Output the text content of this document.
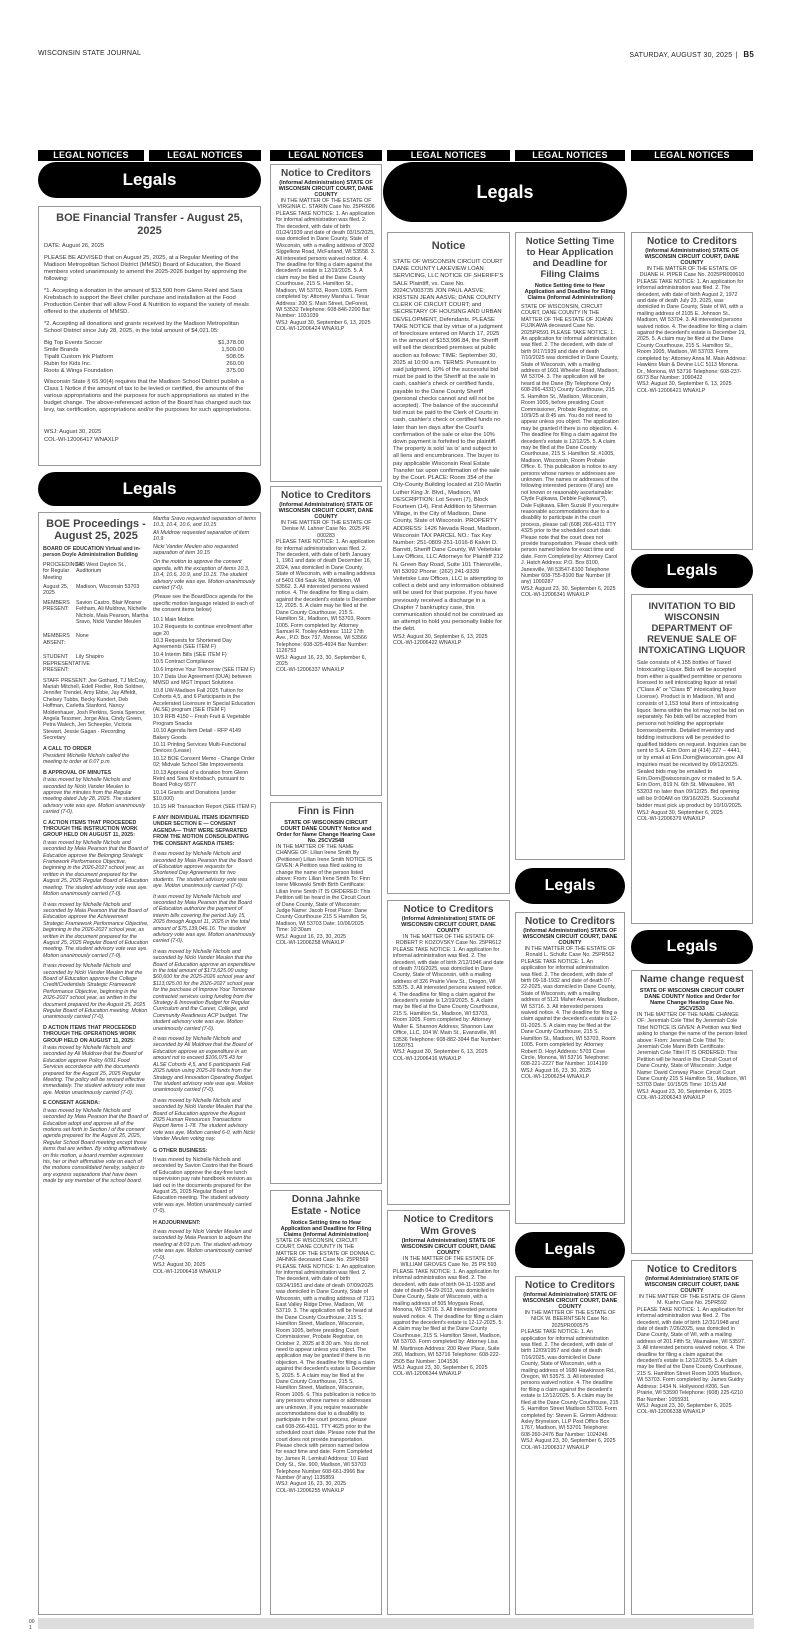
WISCONSIN STATE JOURNAL	SATURDAY, AUGUST 30, 2025 | B5
LEGAL NOTICES	LEGAL NOTICES
Legals
BOE Financial Transfer - August 25, 2025

DATE: August 26, 2025

PLEASE BE ADVISED that on August 25, 2025, at a Regular Meeting of the Madison Metropolitan School District (MMSD) Board of Education, the Board members voted unanimously to amend the 2025-2026 budget by approving the following:

*1. Accepting a donation in the amount of $13,500 from Glenn Reinl and Sara Krebsbach to support the Beet chiller purchase and installation at the Food Production Center that will allow Food & Nutrition to expand the variety of meals offered to the students of MMSD.

*2. Accepting all donations and grants received by the Madison Metropolitan School District since July 28, 2025, in the total amount of $4,021.05:

Big Top Events Soccer	$1,378.00
Smile Brands	1,500.00
Tipalti Custom Ink Platform	508.05
Rubin for Kids Inc.	260.00
Roots & Wings Foundation	375.00

Wisconsin State § 65.90(4) requires that the Madison School District publish a Class 1 Notice if the amount of tax to be levied or certified, the amounts of the various appropriations and the purposes for such appropriations as stated in the budget change. The above-referenced action of the Board has changed such tax levy, tax certification, appropriations and/or the purposes for such appropriations.

WSJ: August 30, 2025

COL-WI-12006417 WNAXLP

Legals
BOE Proceedings - August 25, 2025

BOARD OF EDUCATION Virtual and in-person Doyle Administration Building

PROCEEDINGS for Regular Meeting
545 West Dayton St., Auditorium
August 25, 2025
Madison, Wisconsin 53703
MEMBERS PRESENT:
Savion Castro, Blair Mosner Feltham, Ali Muldrow, Nichelle Nichols, Maia Pearson, Martha Sravo, Nicki Vander Meulen
MEMBERS ABSENT:
None
STUDENT REPRESENTATIVE PRESENT:
Lily Shapiro

STAFF PRESENT: Joe Gothard, TJ McCray, Mariah Mitchell, Edell Fiedler, Rob Soldner, Jennifer Trendel, Amy Ebbe, Jay Affeldt, Chelsey Tubbs, Becky Kundert, Deb Hoffman, Carletta Stanford, Nancy Moldenhauer, Josh Perkins, Sonia Spencer, Angela Tessmer, Jorge Alva, Cindy Green, Petra Walech, Jen Scheepke, Victoria Stewart, Jessie Gagan - Recording Secretary

A CALL TO ORDER

President Michelle Nichols called the meeting to order at 6:07 p.m.

B APPROVAL OF MINUTES

It was moved by Nichelle Nichols and seconded by Nicki Vander Meulen to approve the minutes from the Regular meeting dated July 28, 2025. The student advisory vote was aye. Motion unanimously carried (7-0).

C ACTION ITEMS THAT PROCEEDED THROUGH THE INSTRUCTION WORK GROUP HELD ON AUGUST 11, 2025:

It was moved by Nichelle Nichols and seconded by Maia Pearson that the Board of Education approve the Belonging Strategic Framework Performance Objective, beginning in the 2026-2027 school year, as written in the document prepared for the August 25, 2025 Regular Board of Education meeting. The student advisory vote was aye. Motion unanimously carried (7-0).

It was moved by Nichelle Nichols and seconded by Maia Pearson that the Board of Education approve the Achievement Strategic Framework Performance Objective, beginning in the 2026-2027 school year, as written in the document prepared for the August 25, 2025 Regular Board of Education meeting. The student advisory vote was aye. Motion unanimously carried (7-0).

It was moved by Nichelle Nichols and seconded by Nicki Vander Meulen that the Board of Education approve the College Credit/Credentials Strategic Framework Performance Objective, beginning in the 2026-2027 school year, as written in the document prepared for the August 25, 2025 Regular Board of Education meeting. Motion unanimously carried (7-0).

D ACTION ITEMS THAT PROCEEDED THROUGH THE OPERATIONS WORK GROUP HELD ON AUGUST 11, 2025:

It was moved by Nichelle Nichols and seconded by Ali Muldrow that the Board of Education approve Policy 6091 Food Services accordance with the documents prepared for the August 25, 2025 Regular Meeting. The policy will be revised effective immediately. The student advisory vote was aye. Motion unanimously carried (7-0).

E CONSENT AGENDA:

It was moved by Nichelle Nichols and seconded by Maia Pearson that the Board of Education adopt and approve all of the motions set forth in Section I of the consent agenda prepared for the August 25, 2025, Regular School Board meeting except those items that are written. By voting affirmatively on this motion, a board member expresses his, her or their affirmative vote on each of the motions consolidated hereby, subject to any express separations that have been made by any member of the school board.

Martha Sravo requested separation of items 10.3, 10.4, 10.6, and 10.15

Ali Muldrow requested separation of item 10.9

Nicki Vander Meulen also requested separation of item 10.15

On the motion to approve the consent agenda, with the exception of items 10.3, 10.4, 10.6, 10.9, and 10.15. The student advisory vote was aye. Motion unanimously carried (7-0).

(Please see the BoardDocs agenda for the specific motion language related to each of the consent items below)

10.1 Main Motion

10.2 Requests to continue enrollment after age 20

10.3 Requests for Shortened Day Agreements (SEE ITEM F)

10.4 Interim Bills (SEE ITEM F)

10.5 Contract Compliance

10.6 Improve Your Tomorrow (SEE ITEM F)

10.7 Data Use Agreement (DUA) between MMSD and MGT Impact Solutions

10.8 UW-Madison Fall 2025 Tuition for Cohorts 4,5, and 6 Participants in the Accelerated Licensure in Special Education (ALSE) program (SEE ITEM F)

10.9 RFB 4150 – Fresh Fruit & Vegetable Program Snacks

10.10 Agenda Item Detail - RFP 4149 Bakery Goods

10.11 Printing Services Multi-Functional Devices (Lease)

10.12 BOE Consent Memo - Change Order 02; Midvale School Site Improvements

10.13 Approval of a donation from Glenn Reinl and Sara Krebsbach, pursuant to Board Policy 6577

10.14 Grants and Donations (under $10,000)

10.15 HR Transaction Report (SEE ITEM F)

F ANY INDIVIDUAL ITEMS IDENTIFIED UNDER SECTION E — CONSENT AGENDA— THAT WERE SEPARATED FROM THE MOTION CONSOLIDATING THE CONSENT AGENDA ITEMS:

It was moved by Nichelle Nichols and seconded by Maia Pearson that the Board of Education approve requests for Shortened Day Agreements for two students. The student advisory vote was aye. Motion unanimously carried (7-0).

It was moved by Nichelle Nichols and seconded by Maia Pearson that the Board of Education authorize the payment of interim bills covering the period July 15, 2025 through August 11, 2025 in the total amount of $75,139,046.16. The student advisory vote was aye. Motion unanimously carried (7-0).

It was moved by Nichelle Nichols and seconded by Nicki Vander Meulen that the Board of Education approve an expenditure in the total amount of $173,625.00 using $60,600 for the 2025-2026 school year and $113,025.00 for the 2026-2027 school year for the purchase of Improve Your Tomorrow contracted services using funding from the Strategy & Innovation Budget for Regular Curriculum and the Career, College, and Community Readiness ACP budget. The student advisory vote was aye. Motion unanimously carried (7-0).

It was moved by Nichelle Nichols and seconded by Ali Muldrow that the Board of Education approve an expenditure in an amount not to exceed $106,075.43 for ALSE Cohorts 4,5, and 6 participants Fall 2025 tuition using 2025-26 funds from the Strategy and Innovation Operating Budget. The student advisory vote was aye. Motion unanimously carried (7-0).

It was moved by Nichelle Nichols and seconded by Nicki Vander Meulen that the Board of Education approve the August 2025 Human Resources Transactions Report Items 1-78. The student advisory vote was aye. Motion carried 6-0, with Nicki Vander Meulen voting nay.

G OTHER BUSINESS:

It was moved by Nichelle Nichols and seconded by Savion Castro that the Board of Education approve the day-free lunch supervision pay rate handbook revision as laid out in the documents prepared for the August 25, 2025 Regular Board of Education meeting. The student advisory vote was aye. Motion unanimously carried (7-0).

H ADJOURNMENT:

It was moved by Nicki Vander Meulen and seconded by Maia Pearson to adjourn the meeting at 8:03 p.m. The student advisory vote was aye. Motion unanimously carried (7-0).

WSJ: August 30, 2025

COL-WI-12006418 WNAXLP

LEGAL NOTICES
Notice to Creditors
(Informal Administration) STATE OF WISCONSIN CIRCUIT COURT, DANE COUNTY
IN THE MATTER OF THE ESTATE OF VIRGINIA C. STARIN Case No. 25PR606
PLEASE TAKE NOTICE: 1. An application for informal administration was filed. 2. The decedent, with date of birth 01/24/1939 and date of death 03/15/2025, was domiciled in Dane County, State of Wisconsin, with a mailing address of 3032 Siggelkow Road, McFarland, WI 53558. 3. All interested persons waived notice. 4. The deadline for filing a claim against the decedent's estate is 12/19/2025. 5. A claim may be filed at the Dane County Courthouse, 215 S. Hamilton St., Madison, WI 53703, Room 1005. Form completed by: Attorney Marsha L. Tesar Address: 200 S. Main Street, DeForest, WI 53532 Telephone: 608-846-2200 Bar Number: 1031039
WSJ: August 30, September 6, 13, 2025
COL-WI-12006424 WNAXLP
Notice to Creditors
(Informal Administration) STATE OF WISCONSIN CIRCUIT COURT, DANE COUNTY
IN THE MATTER OF THE ESTATE OF Denise M. Lahner Case No. 2025 PR 000283
PLEASE TAKE NOTICE: 1. An application for informal administration was filed. 2. The decedent, with date of birth January 1, 1961 and date of death December 16, 2024, was domiciled in Dane County, State of Wisconsin, with a mailing address of 5401 Old Sauk Rd, Middleton, WI 53562. 3. All interested persons waived notice. 4. The deadline for filing a claim against the decedent's estate is December 12, 2025. 5. A claim may be filed at the Dane County Courthouse, 215 S. Hamilton St., Madison, WI 53703, Room 1005. Form completed by: Attorney Samuel R. Tooley Address: 1112 17th Ave., P.O. Box 737, Monroe, WI 53566 Telephone: 608-325-4924 Bar Number: 1126753
WSJ: August 16, 23, 30, September 6, 2025
COL-WI-12006337 WNAXLP
Finn is Finn
STATE OF WISCONSIN CIRCUIT COURT DANE COUNTY Notice and Order for Name Change Hearing Case No. 25CV2548
IN THE MATTER OF THE NAME CHANGE OF: Lilian Irene Smith By (Petitioner) Lilian Irene Smith NOTICE IS GIVEN: A Petition was filed asking to change the name of the person listed above: From: Lilian Irene Smith To: Finn Irene Mikowski Smith Birth Certificate: Lilian Irene Smith IT IS ORDERED: This Petition will be heard in the Circuit Court of Dane County, State of Wisconsin: Judge Name: Jacob Frost Place: Dane County Courthouse 215 S Hamilton St, Madison, WI 53703 Date: 10/06/2025 Time: 10:30am
WSJ: August 16, 23, 30, 2025
COL-WI-12006258 WNAXLP
Donna Jahnke Estate - Notice
Notice Setting time to Hear Application and Deadline for Filing Claims (Informal Administration)
STATE OF WISCONSIN, CIRCUIT COURT, DANE COUNTY IN THE MATTER OF THE ESTATE OF DONNA C. JAHNKE deceased Case No. 25PR569 PLEASE TAKE NOTICE: 1. An application for informal administration was filed. 2. The decedent, with date of birth 03/24/1951 and date of death 07/09/2025 was domiciled in Dane County, State of Wisconsin, with a mailing address of 7121 East Valley Ridge Drive, Madison, WI 53719. 3. The application will be heard at the Dane County Courthouse, 215 S. Hamilton Street, Madison, Wisconsin, Room 1005, before presiding Court Commissioner, Probate Registrar, on October 2, 2025 at 8:30 am. You do not need to appear unless you object. The application may be granted if there is no objection. 4. The deadline for filing a claim against the decedent's estate is December 5, 2025. 5. A claim may be filed at the Dane County Courthouse, 215 S. Hamilton Street, Madison, Wisconsin, Room 1005. 6. This publication is notice to any persons whose names or addresses are unknown. If you require reasonable accommodations due to a disability to participate in the court process, please call 608-266-4311. TTY 4625 prior to the scheduled court date. Please note that the court does not provide transportation. Please check with person named below for exact time and date. Form Completed by: James R. Lemkuil Address: 10 East Doty St., Ste. 900, Madison, WI 53703 Telephone Number 608-661-3966 Bar Number (if any) 1135859
WSJ: August 16, 23, 30, 2025
COL-WI-12006255 WNAXLP
LEGAL NOTICES
Legals
Notice
STATE OF WISCONSIN CIRCUIT COURT DANE COUNTY LAKEVIEW LOAN SERVICING, LLC NOTICE OF SHERIFF'S SALE Plaintiff, vs. Case No. 2024CV003735 JON PAUL AASVE; KRISTEN JEAN AASVE; DANE COUNTY CLERK OF CIRCUIT COURT; and SECRETARY OF HOUSING AND URBAN DEVELOPMENT, Defendants. PLEASE TAKE NOTICE that by virtue of a judgment of foreclosure entered on March 17, 2025 in the amount of $153,996.84, the Sheriff will sell the described premises at public auction as follows: TIME: September 30, 2025 at 10:00 a.m. TERMS: Pursuant to said judgment, 10% of the successful bid must be paid to the Sheriff at the sale in cash, cashier's check or certified funds, payable to the Dane County Sheriff (personal checks cannot and will not be accepted). The balance of the successful bid must be paid to the Clerk of Courts in cash, cashier's check or certified funds no later than ten days after the Court's confirmation of the sale or else the 10% down payment is forfeited to the plaintiff. The property is sold 'as is' and subject to all liens and encumbrances. The buyer to pay applicable Wisconsin Real Estate Transfer tax upon confirmation of the sale by the Court. PLACE: Room 354 of the City-County Building located at 210 Martin Luther King Jr. Blvd., Madison, WI DESCRIPTION: Lot Seven (7), Block Fourteen (14), First Addition to Sherman Village, in the City of Madison, Dane County, State of Wisconsin. PROPERTY ADDRESS: 1426 Nevada Road, Madison, Wisconsin TAX PARCEL NO.: Tax Key Number: 251-0809-251-1016-8 Kalvin D. Barrett, Sheriff Dane County, WI Veitetske Law Offices, LLC Attorneys for Plaintiff 212 N. Green Bay Road, Suite 101 Thiensville, WI 53092 Phone: (262) 241-9339 Veitetske Law Offices, LLC is attempting to collect a debt and any information obtained will be used for that purpose. If you have previously received a discharge in a Chapter 7 bankruptcy case, this communication should not be construed as an attempt to hold you personally liable for the debt.
WSJ: August 30, September 6, 13, 2025
COL-WI-12006422 WNAXLP
Notice to Creditors
(Informal Administration) STATE OF WISCONSIN CIRCUIT COURT, DANE COUNTY
IN THE MATTER OF THE ESTATE OF ROBERT P. KOZOVSKY Case No. 25PR612
PLEASE TAKE NOTICE: 1. An application for informal administration was filed. 2. The decedent, with date of birth 2/12/1946 and date of death 7/16/2025, was domiciled in Dane County, State of Wisconsin, with a mailing address of 326 Prairie View St., Oregon, WI 53575. 3. All interested persons waived notice. 4. The deadline for filing a claim against the decedent's estate is 12/19/2025. 5. A claim may be filed at the Dane County Courthouse, 215 S. Hamilton St., Madison, WI 53703, Room 1005. Form completed by: Attorney Walter E. Shannon Address: Shannon Law Office, LLC, 104 W. Main St., Evansville, WI 53536 Telephone: 608-882-3944 Bar Number: 1050751
WSJ: August 30, September 6, 13, 2025
COL-WI-12006416 WNAXLP
Notice to Creditors Wm Groves
(Informal Administration) STATE OF WISCONSIN CIRCUIT COURT, DANE COUNTY
IN THE MATTER OF THE ESTATE OF WILLIAM GROVES Case No. 25 PR 593
PLEASE TAKE NOTICE: 1. An application for informal administration was filed. 2. The decedent, with date of birth 04-11-1938 and date of death 04-29-2013, was domiciled in Dane County, State of Wisconsin, with a mailing address of 505 Moygara Road, Monona, WI 53716. 3. All interested persons waived notice. 4. The deadline for filing a claim against the decedent's estate is 12-12-2025. 5. A claim may be filed at the Dane County Courthouse, 215 S. Hamilton Street, Madison, WI 53703. Form completed by: Attorney Lisa M. Martinson Address: 200 River Place, Suite 260, Madison, WI 53716 Telephone: 608-222-2505 Bar Number: 1041536
WSJ: August 23, 30, September 6, 2025
COL-WI-12006344 WNAXLP
LEGAL NOTICES
Notice Setting Time to Hear Application and Deadline for Filing Claims
Notice Setting time to Hear Application and Deadline for Filing Claims (Informal Administration)
STATE OF WISCONSIN, CIRCUIT COURT, DANE COUNTY IN THE MATTER OF THE ESTATE OF JOANN FUJIKAWA deceased Case No. 2025PR591 PLEASE TAKE NOTICE: 1. An application for informal administration was filed. 2. The decedent, with date of birth 9/17/1939 and date of death 7/10/2025 was domiciled in Dane County, State of Wisconsin, with a mailing address of 1601 Wheeler Road, Madison, WI 53704. 3. The application will be heard at the Dane (By Telephone Only 608-266-4331) County Courthouse, 215 S. Hamilton St., Madison, Wisconsin, Room 1005, before presiding Court Commissioner, Probate Registrar, on 10/9/25 at 8:45 am. You do not need to appear unless you object. The application may be granted if there is no objection. 4. The deadline for filing a claim against the decedent's estate is 12/12/25. 5. A claim may be filed at the Dane County Courthouse, 215 S. Hamilton St. #1005, Madison, Wisconsin, Room Probate Office. 6. This publication is notice to any persons whose names or addresses are unknown. The names or addresses of the following interested persons (if any) are not known or reasonably ascertainable: Clyde Fujikawa, Debbie Fujikawa(?), Dale Fujikawa, Ellen Suzuki If you require reasonable accommodations due to a disability to participate in the court process, please call (608) 266-4311 TTY 4325 prior to the scheduled court date. Please note that the court does not provide transportation. Please check with person named below for exact time and date. Form Completed by: Attorney Carol J. Hatch Address: P.O. Box 8100, Janesville, WI 53547-8100 Telephone Number 608-755-8100 Bar Number (if any) 1000287
WSJ: August 23, 30, September 6, 2025
COL-WI-12006341 WNAXLP
Legals
Notice to Creditors
(Informal Administration) STATE OF WISCONSIN CIRCUIT COURT, DANE COUNTY
IN THE MATTER OF THE ESTATE OF Ronald L. Schultz Case No. 25PR562
PLEASE TAKE NOTICE: 1. An application for informal administration was filed. 2. The decedent, with date of birth 09-18-1932 and date of death 07-22-2025, was domiciled in Dane County, State of Wisconsin, with a mailing address of 5121 Maher Avenue, Madison, WI 53716. 3. All interested persons waived notice. 4. The deadline for filing a claim against the decedent's estate is 12-01-2025. 5. A claim may be filed at the Dane County Courthouse, 215 S. Hamilton St., Madison, WI 53703, Room 1005. Form completed by: Attorney Robert D. Hoyt Address: 5703 Cove Circle, Monona, WI 53716 Telephone: 608-221-2227 Bar Number: 1014199
WSJ: August 16, 23, 30, 2025
COL-WI-12006254 WNAXLP
Legals
Notice to Creditors
(Informal Administration) STATE OF WISCONSIN CIRCUIT COURT, DANE COUNTY
IN THE MATTER OF THE ESTATE OF NICK W. BEERNTSEN Case No. 2025PR000575
PLEASE TAKE NOTICE: 1. An application for informal administration was filed. 2. The decedent, with date of birth 12/09/1957 and date of death 7/16/2025, was domiciled in Dane County, State of Wisconsin, with a mailing address of 1680 Hawkinson Rd., Oregon, WI 53575. 3. All interested persons waived notice. 4. The deadline for filing a claim against the decedent's estate is 12/12/2025. 5. A claim may be filed at the Dane County Courthouse, 215 S. Hamilton Street Madison 53703. Form completed by: Steven E. Grimm Address: Axley Brynelson, LLP Post Office Box 1767, Madison, WI 53701 Telephone: 608-260-2476 Bar Number: 1024246
WSJ: August 23, 30, September 6, 2025
COL-WI-12006317 WNAXLP
LEGAL NOTICES
Notice to Creditors
(Informal Administration) STATE OF WISCONSIN CIRCUIT COURT, DANE COUNTY
IN THE MATTER OF THE ESTATE OF DUANE H. PIPER Case No. 2025PR000610
PLEASE TAKE NOTICE: 1. An application for informal administration was filed. 2. The decedent, with date of birth August 2, 1972 and date of death July 23, 2025, was domiciled in Dane County, State of WI, with a mailing address of 2105 E. Johnson St., Madison, WI 53704. 3. All interested persons waived notice. 4. The deadline for filing a claim against the decedent's estate is December 19, 2025. 5. A claim may be filed at the Dane County Courthouse, 215 S. Hamilton St., Room 1005, Madison, WI 53703. Form completed by: Attorney Anna M. Main Address: Hawkins Main & Devine LLC 5113 Monona Dr., Monona, WI 53716 Telephone: 608-237-6673 Bar Number: 1090422
WSJ: August 30, September 6, 13, 2025
COL-WI-12006421 WNAXLP
Legals
INVITATION TO BID WISCONSIN DEPARTMENT OF REVENUE SALE OF INTOXICATING LIQUOR
Sale consists of 4,155 bottles of Taxed Intoxicating Liquor. Bids will be accepted from either a qualified permittee or persons licensed to sell intoxicating liquor at retail ("Class A" or "Class B" intoxicating liquor License). Product is in Madison, WI and consists of 1,153 total liters of intoxicating liquor. Items within the lot may not be bid on separately. No bids will be accepted from persons not holding the appropriate licenses/permits. Detailed inventory and bidding instructions will be provided to qualified bidders on request. Inquiries can be sent to S.A. Erin Dorn at (414) 227 – 4441, or by email at Erin.Dorn@wisconsin.gov. All inquiries must be received by 09/12/2025. Sealed bids may be emailed to Erin.Dorn@wisconsin.gov or mailed to S.A. Erin Dorn, 819 N. 6th St. Milwaukee, WI 53203 no later than 09/12/25. Bid opening will be 9:00AM on 09/16/2025. Successful bidder must pick up product by 10/10/2025.
WSJ: August 30, September 6, 2025
COL-WI-12006379 WNAXLP
Legals
Name change request
STATE OF WISCONSIN CIRCUIT COURT DANE COUNTY Notice and Order for Name Change Hearing Case No. 25CV2533
IN THE MATTER OF THE NAME CHANGE OF: Jeremiah Cole Tittel By Jeremiah Cole Tittel NOTICE IS GIVEN: A Petition was filed asking to change the name of the person listed above: From: Jeremiah Cole Tittel To: Jeremiah Cole Mann Birth Certificate: Jeremiah Cole Tittel IT IS ORDERED: This Petition will be heard in the Circuit Court of Dane County, State of Wisconsin: Judge Name: David Conway Place: Circuit Court Dane County 215 S Hamilton St., Madison, WI 53703 Date: 10/15/25 Time: 10:15 AM
WSJ: August 23, 30, September 6, 2025
COL-WI-12006343 WNAXLP
Notice to Creditors
(Informal Administration) STATE OF WISCONSIN CIRCUIT COURT, DANE COUNTY
IN THE MATTER OF THE ESTATE OF Glenn M. Kuehn Case No. 25PR592
PLEASE TAKE NOTICE: 1. An application for informal administration was filed. 2. The decedent, with date of birth 12/31/1948 and date of death 7/26/2025, was domiciled in Dane County, State of WI, with a mailing address of 201 Fifth St, Waunakee, WI 53597. 3. All interested persons waived notice. 4. The deadline for filing a claim against the decedent's estate is 12/12/2025. 5. A claim may be filed at the Dane County Courthouse, 215 S. Hamilton Street Room 1005 Madison, WI 53703. Form completed by: James Guidry Address: 1434 N. Hollywood #206, Sun Prairie, WI 53590 Telephone: (608) 225-6210 Bar Number: 1055931
WSJ: August 23, 30, September 6, 2025
COL-WI-12006338 WNAXLP
00
1
